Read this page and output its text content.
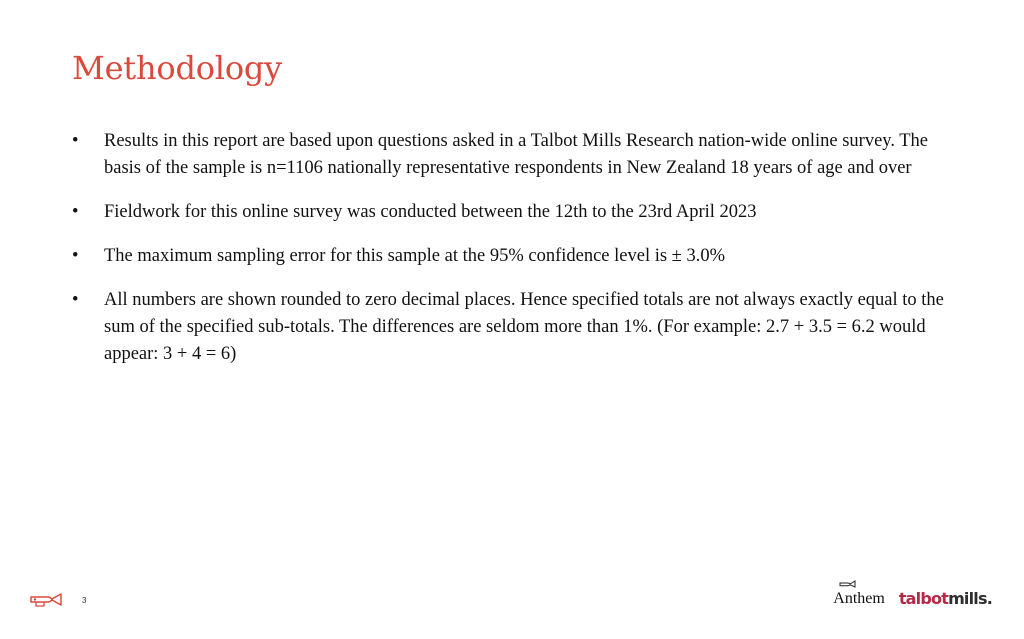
Methodology
• Results in this report are based upon questions asked in a Talbot Mills Research nation-wide online survey. The basis of the sample is n=1106 nationally representative respondents in New Zealand 18 years of age and over
• Fieldwork for this online survey was conducted between the 12th to the 23rd April 2023
• The maximum sampling error for this sample at the 95% confidence level is ± 3.0%
• All numbers are shown rounded to zero decimal places. Hence specified totals are not always exactly equal to the sum of the specified sub-totals. The differences are seldom more than 1%. (For example: 2.7 + 3.5 = 6.2 would appear: 3 + 4 = 6)
3	Anthem talbot mills.
